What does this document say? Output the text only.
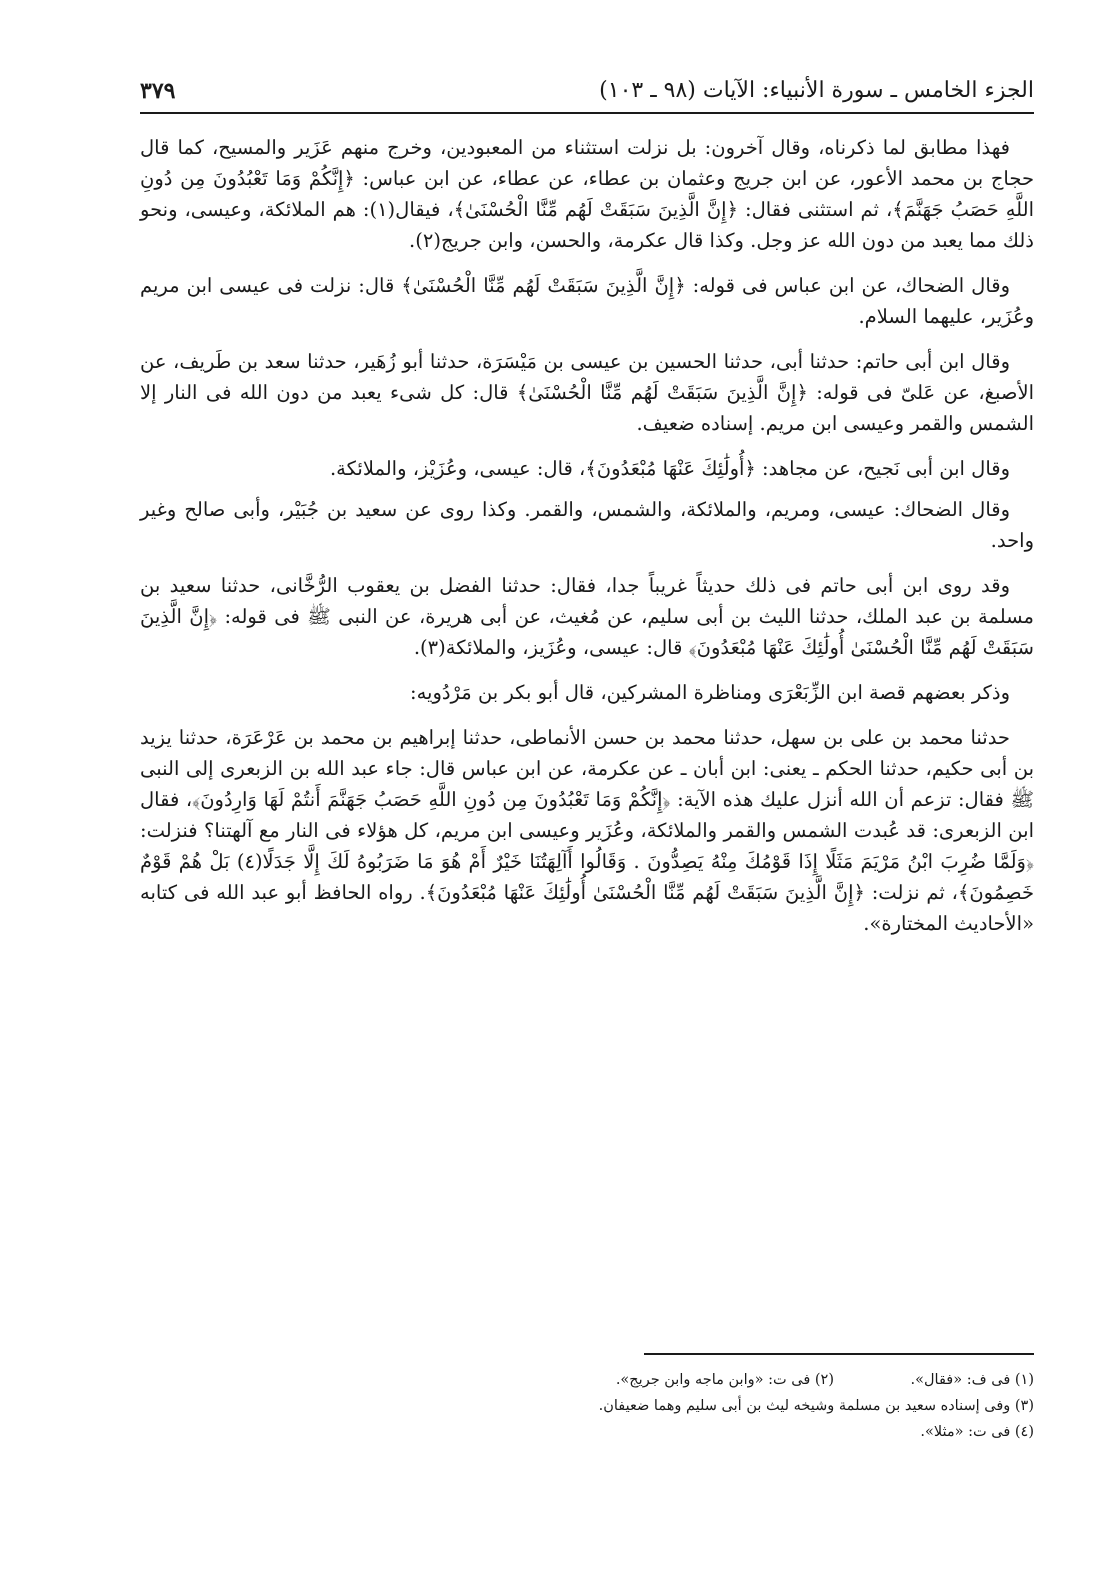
الجزء الخامس ـ سورة الأنبياء: الآيات (٩٨ ـ ١٠٣)
٣٧٩

فهذا مطابق لما ذكرناه، وقال آخرون: بل نزلت استثناء من المعبودين، وخرج منهم عَزَير والمسيح، كما قال حجاج بن محمد الأعور، عن ابن جريج وعثمان بن عطاء، عن عطاء، عن ابن عباس: ﴿إِنَّكُمْ وَمَا تَعْبُدُونَ مِن دُونِ اللَّهِ حَصَبُ جَهَنَّمَ﴾، ثم استثنى فقال: ﴿إِنَّ الَّذِينَ سَبَقَتْ لَهُم مِّنَّا الْحُسْنَىٰ﴾، فيقال(١): هم الملائكة، وعيسى، ونحو ذلك مما يعبد من دون الله عز وجل. وكذا قال عكرمة، والحسن، وابن جريج(٢).

وقال الضحاك، عن ابن عباس فى قوله: ﴿إِنَّ الَّذِينَ سَبَقَتْ لَهُم مِّنَّا الْحُسْنَىٰ﴾ قال: نزلت فى عيسى ابن مريم وعُزَير، عليهما السلام.

وقال ابن أبى حاتم: حدثنا أبى، حدثنا الحسين بن عيسى بن مَيْسَرَة، حدثنا أبو زُهَير، حدثنا سعد بن طَريف، عن الأصبغ، عن عَلىّ فى قوله: ﴿إِنَّ الَّذِينَ سَبَقَتْ لَهُم مِّنَّا الْحُسْنَىٰ﴾ قال: كل شىء يعبد من دون الله فى النار إلا الشمس والقمر وعيسى ابن مريم. إسناده ضعيف.

وقال ابن أبى نَجيح، عن مجاهد: ﴿أُولَٰئِكَ عَنْهَا مُبْعَدُونَ﴾، قال: عيسى، وعُزَيْز، والملائكة.

وقال الضحاك: عيسى، ومريم، والملائكة، والشمس، والقمر. وكذا روى عن سعيد بن جُبَيْر، وأبى صالح وغير واحد.

وقد روى ابن أبى حاتم فى ذلك حديثاً غريباً جدا، فقال: حدثنا الفضل بن يعقوب الرُّخَّانى، حدثنا سعيد بن مسلمة بن عبد الملك، حدثنا الليث بن أبى سليم، عن مُغيث، عن أبى هريرة، عن النبى ﷺ فى قوله: ﴿إِنَّ الَّذِينَ سَبَقَتْ لَهُم مِّنَّا الْحُسْنَىٰ أُولَٰئِكَ عَنْهَا مُبْعَدُونَ﴾ قال: عيسى، وعُزَيز، والملائكة(٣).

وذكر بعضهم قصة ابن الزِّبَعْرَى ومناظرة المشركين، قال أبو بكر بن مَرْدُويه:

حدثنا محمد بن على بن سهل، حدثنا محمد بن حسن الأنماطى، حدثنا إبراهيم بن محمد بن عَرْعَرَة، حدثنا يزيد بن أبى حكيم، حدثنا الحكم ـ يعنى: ابن أبان ـ عن عكرمة، عن ابن عباس قال: جاء عبد الله بن الزبعرى إلى النبى ﷺ فقال: تزعم أن الله أنزل عليك هذه الآية: ﴿إِنَّكُمْ وَمَا تَعْبُدُونَ مِن دُونِ اللَّهِ حَصَبُ جَهَنَّمَ أَنتُمْ لَهَا وَارِدُونَ﴾، فقال ابن الزبعرى: قد عُبدت الشمس والقمر والملائكة، وعُزَير وعيسى ابن مريم، كل هؤلاء فى النار مع آلهتنا؟ فنزلت: ﴿وَلَمَّا ضُرِبَ ابْنُ مَرْيَمَ مَثَلًا إِذَا قَوْمُكَ مِنْهُ يَصِدُّونَ . وَقَالُوا أَآلِهَتُنَا خَيْرٌ أَمْ هُوَ مَا ضَرَبُوهُ لَكَ إِلَّا جَدَلًا(٤) بَلْ هُمْ قَوْمٌ خَصِمُونَ﴾، ثم نزلت: ﴿إِنَّ الَّذِينَ سَبَقَتْ لَهُم مِّنَّا الْحُسْنَىٰ أُولَٰئِكَ عَنْهَا مُبْعَدُونَ﴾. رواه الحافظ أبو عبد الله فى كتابه «الأحاديث المختارة».

(١) فى ف: «فقال».
(٢) فى ت: «وابن ماجه وابن جريج».

(٣) وفى إسناده سعيد بن مسلمة وشيخه ليث بن أبى سليم وهما ضعيفان.

(٤) فى ت: «مثلا».
